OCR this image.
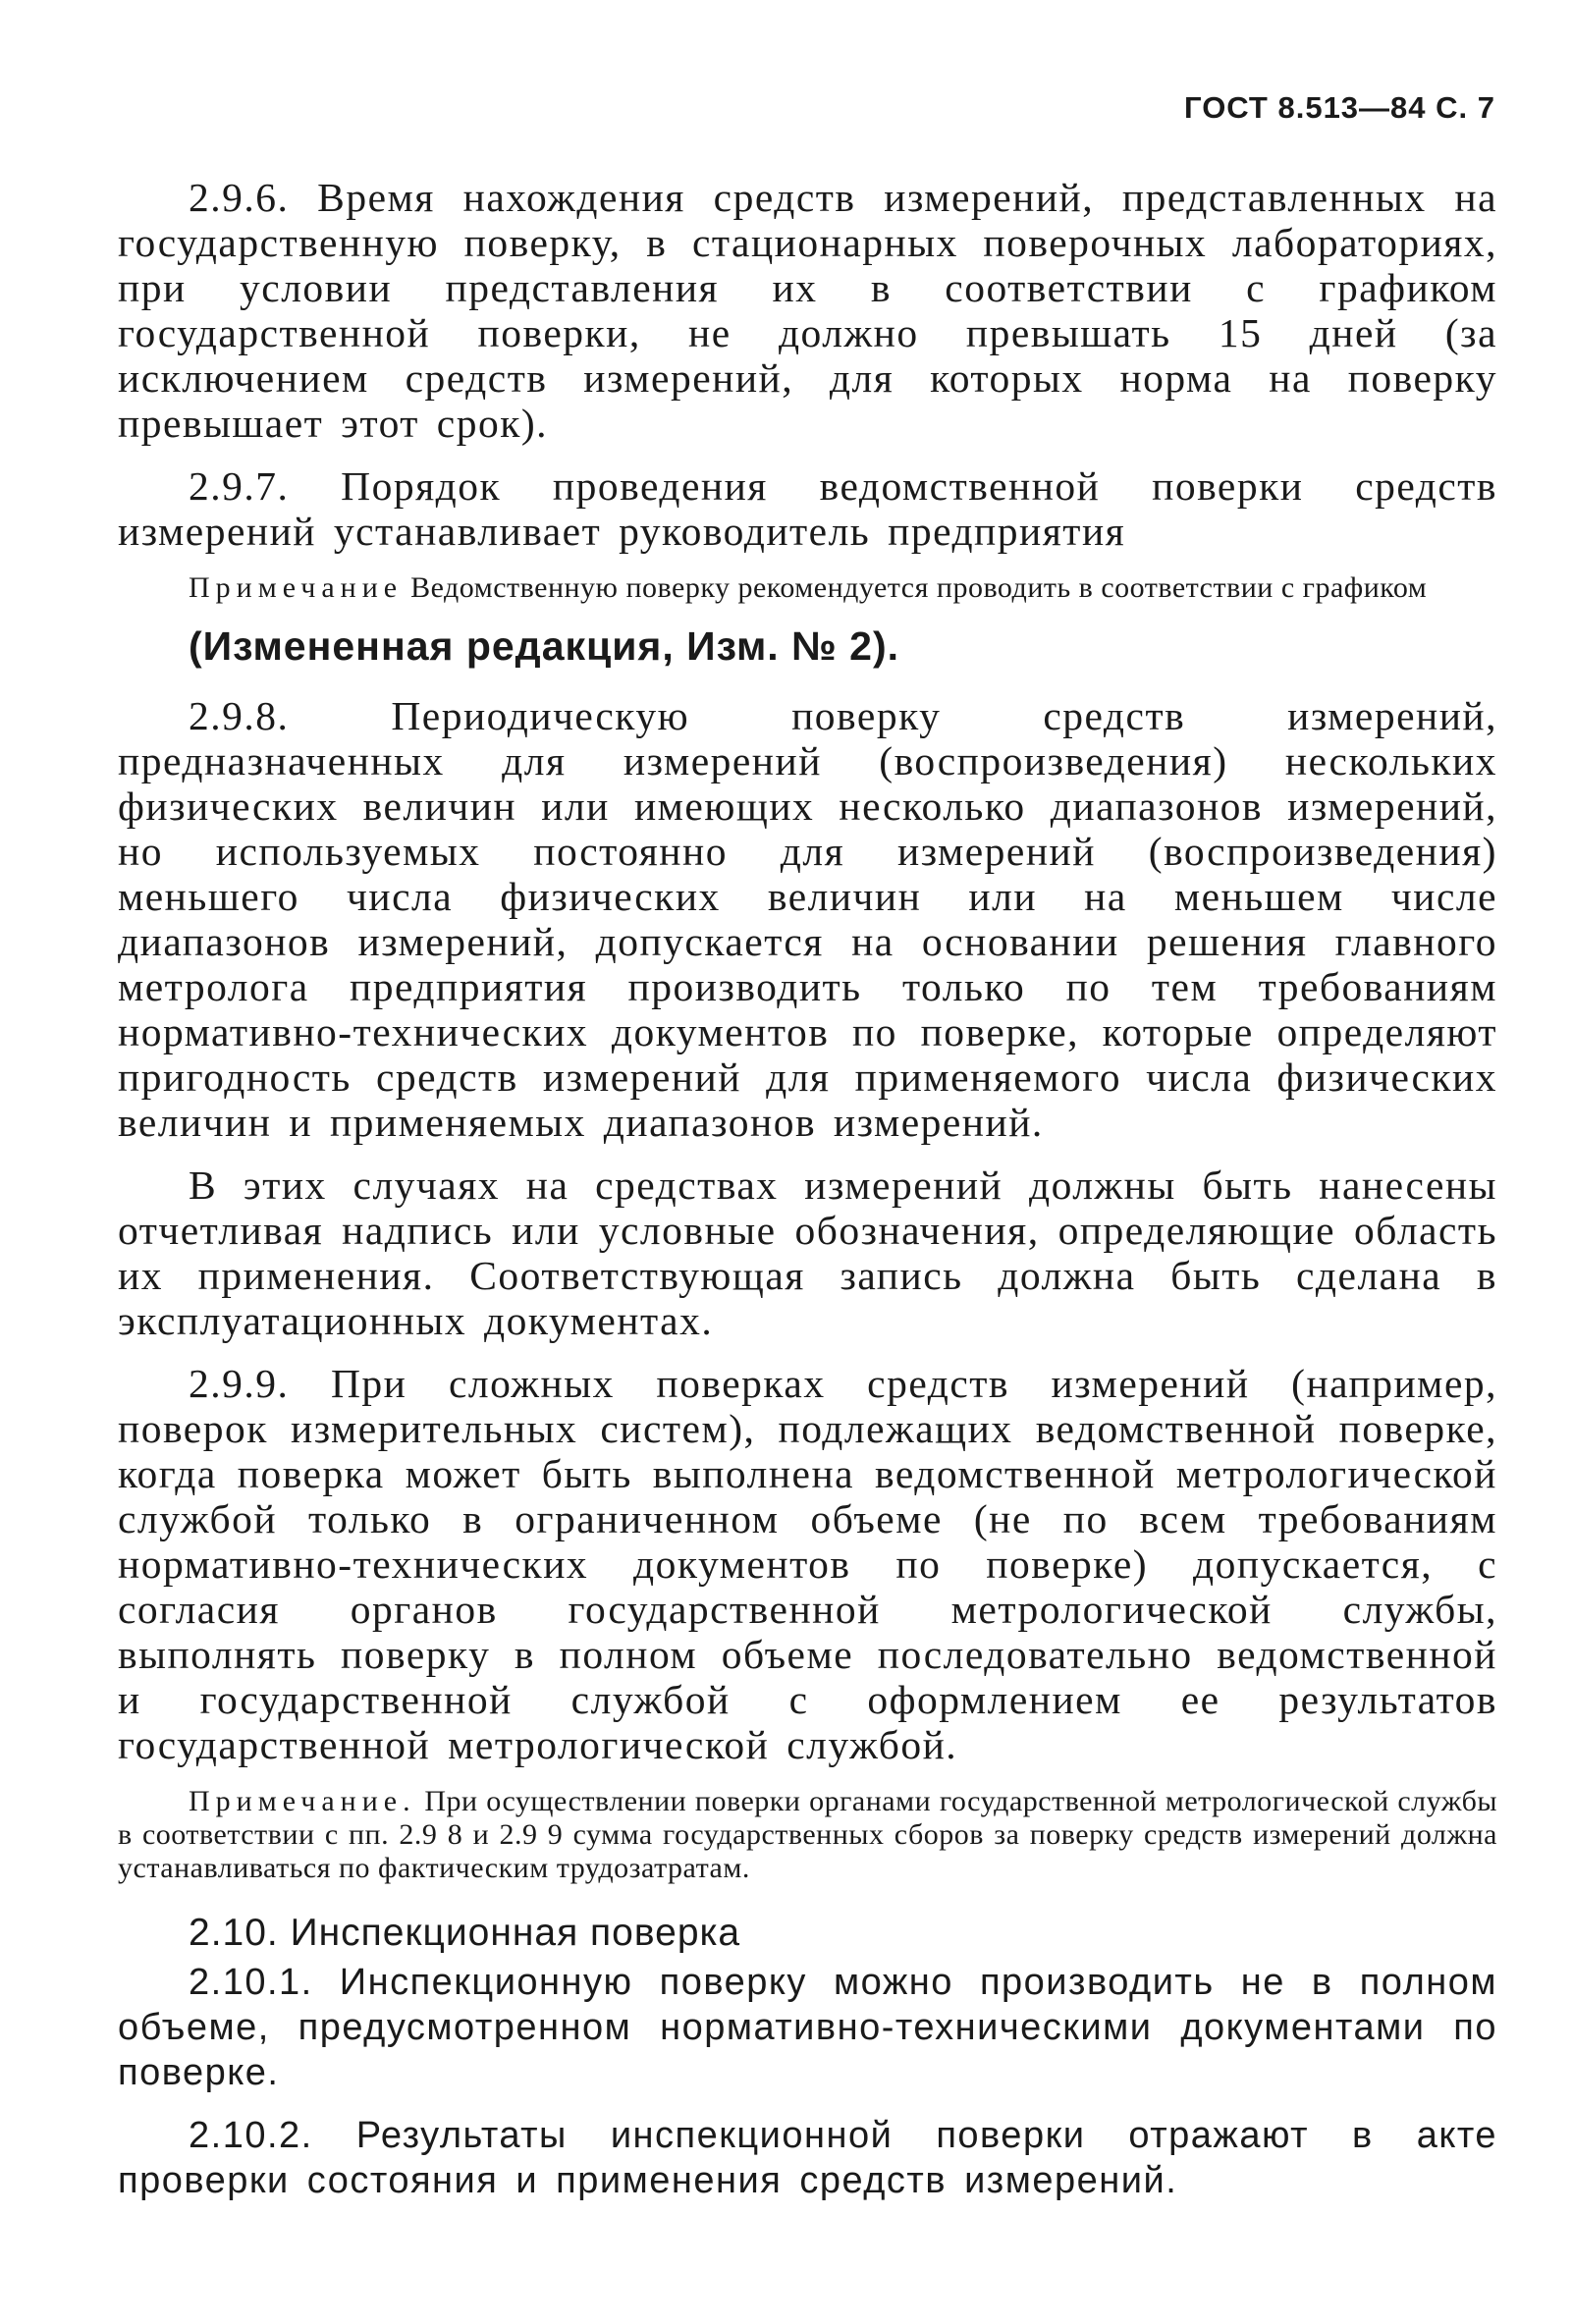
ГОСТ 8.513—84 С. 7

2.9.6. Время нахождения средств измерений, представленных на государственную поверку, в стационарных поверочных лабораториях, при условии представления их в соответствии с графиком государственной поверки, не должно превышать 15 дней (за исключением средств измерений, для которых норма на поверку превышает этот срок).

2.9.7. Порядок проведения ведомственной поверки средств измерений устанавливает руководитель предприятия

Примечание Ведомственную поверку рекомендуется проводить в соответствии с графиком

(Измененная редакция, Изм. № 2).

2.9.8. Периодическую поверку средств измерений, предназначенных для измерений (воспроизведения) нескольких физических величин или имеющих несколько диапазонов измерений, но используемых постоянно для измерений (воспроизведения) меньшего числа физических величин или на меньшем числе диапазонов измерений, допускается на основании решения главного метролога предприятия производить только по тем требованиям нормативно-технических документов по поверке, которые определяют пригодность средств измерений для применяемого числа физических величин и применяемых диапазонов измерений.

В этих случаях на средствах измерений должны быть нанесены отчетливая надпись или условные обозначения, определяющие область их применения. Соответствующая запись должна быть сделана в эксплуатационных документах.

2.9.9. При сложных поверках средств измерений (например, поверок измерительных систем), подлежащих ведомственной поверке, когда поверка может быть выполнена ведомственной метрологической службой только в ограниченном объеме (не по всем требованиям нормативно-технических документов по поверке) допускается, с согласия органов государственной метрологической службы, выполнять поверку в полном объеме последовательно ведомственной и государственной службой с оформлением ее результатов государственной метрологической службой.

Примечание. При осуществлении поверки органами государственной метрологической службы в соответствии с пп. 2.9 8 и 2.9 9 сумма государственных сборов за поверку средств измерений должна устанавливаться по фактическим трудозатратам.

2.10. Инспекционная поверка

2.10.1. Инспекционную поверку можно производить не в полном объеме, предусмотренном нормативно-техническими документами по поверке.

2.10.2. Результаты инспекционной поверки отражают в акте проверки состояния и применения средств измерений.
